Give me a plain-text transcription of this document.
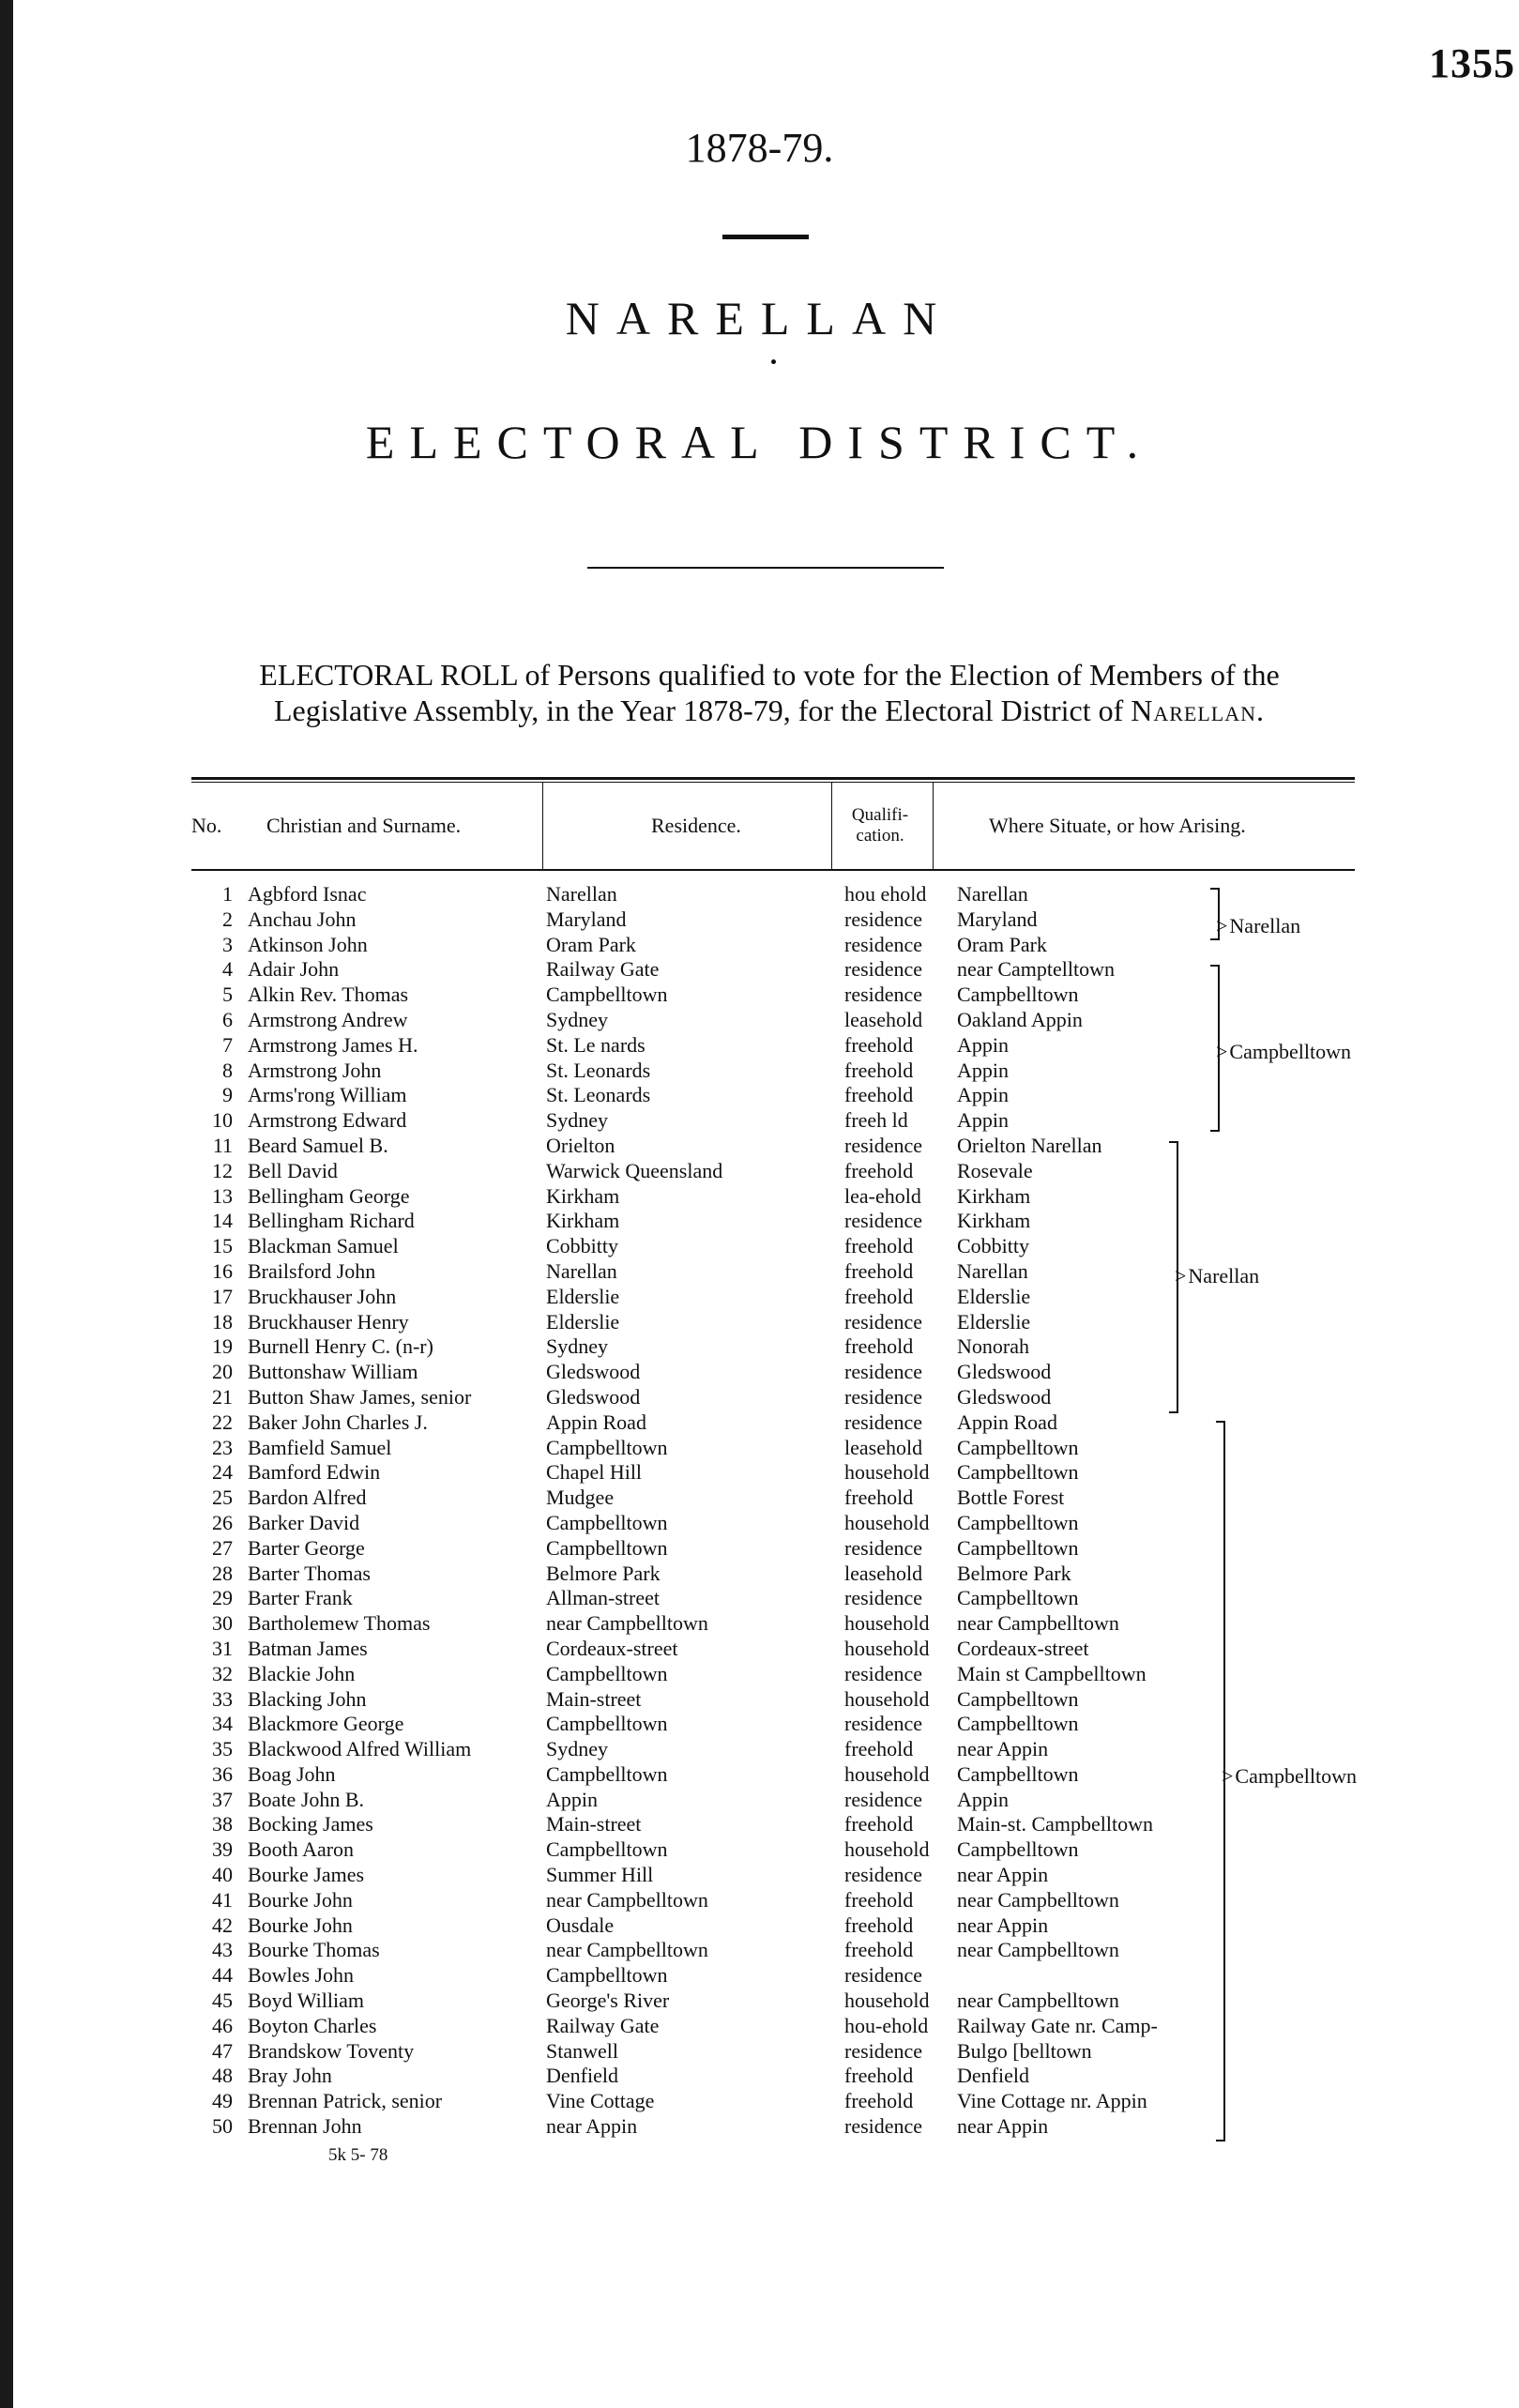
1355
1878-79.
NARELLAN
ELECTORAL DISTRICT.
ELECTORAL ROLL of Persons qualified to vote for the Election of Members of the
Legislative Assembly, in the Year 1878-79, for the Electoral District of Narellan.
No. Christian and Surname.	Residence.	Qualifi-cation.	Where Situate, or how Arising.
1 Agbford Isnac	Narellan	hou ehold Narellan
2 Anchau John	Maryland	residence Maryland
3 Atkinson John	Oram Park	residence Oram Park
4 Adair John	Railway Gate	residence near Camptelltown
5 Alkin Rev. Thomas	Campbelltown	residence Campbelltown
6 Armstrong Andrew	Sydney	leasehold Oakland Appin
7 Armstrong James H.	St. Le nards	freehold Appin
8 Armstrong John	St. Leonards	freehold Appin
9 Arms'rong William	St. Leonards	freehold Appin
10 Armstrong Edward	Sydney	freeh ld Appin
11 Beard Samuel B.	Orielton	residence Orielton Narellan
12 Bell David	Warwick Queensland	freehold Rosevale
13 Bellingham George	Kirkham	lea-ehold Kirkham
14 Bellingham Richard	Kirkham	residence Kirkham
15 Blackman Samuel	Cobbitty	freehold Cobbitty
16 Brailsford John	Narellan	freehold Narellan
17 Bruckhauser John	Elderslie	freehold Elderslie
18 Bruckhauser Henry	Elderslie	residence Elderslie
19 Burnell Henry C. (n-r)	Sydney	freehold Nonorah
20 Buttonshaw William	Gledswood	residence Gledswood
21 Button Shaw James, senior	Gledswood	residence Gledswood
22 Baker John Charles J.	Appin Road	residence Appin Road
23 Bamfield Samuel	Campbelltown	leasehold Campbelltown
24 Bamford Edwin	Chapel Hill	household Campbelltown
25 Bardon Alfred	Mudgee	freehold Bottle Forest
26 Barker David	Campbelltown	household Campbelltown
27 Barter George	Campbelltown	residence Campbelltown
28 Barter Thomas	Belmore Park	leasehold Belmore Park
29 Barter Frank	Allman-street	residence Campbelltown
30 Bartholemew Thomas	near Campbelltown	household near Campbelltown
31 Batman James	Cordeaux-street	household Cordeaux-street
32 Blackie John	Campbelltown	residence Main st Campbelltown
33 Blacking John	Main-street	household Campbelltown
34 Blackmore George	Campbelltown	residence Campbelltown
35 Blackwood Alfred William	Sydney	freehold near Appin
36 Boag John	Campbelltown	household Campbelltown
37 Boate John B.	Appin	residence Appin
38 Bocking James	Main-street	freehold Main-st. Campbelltown
39 Booth Aaron	Campbelltown	household Campbelltown
40 Bourke James	Summer Hill	residence near Appin
41 Bourke John	near Campbelltown	freehold near Campbelltown
42 Bourke John	Ousdale	freehold near Appin
43 Bourke Thomas	near Campbelltown	freehold near Campbelltown
44 Bowles John	Campbelltown	residence
45 Boyd William	George's River	household near Campbelltown
46 Boyton Charles	Railway Gate	hou-ehold Railway Gate nr. Camp-
47 Brandskow Toventy	Stanwell	residence Bulgo [belltown
48 Bray John	Denfield	freehold Denfield
49 Brennan Patrick, senior	Vine Cottage	freehold Vine Cottage nr. Appin
50 Brennan John	near Appin	residence near Appin
> Narellan
> Campbelltown
> Narellan
> Campbelltown
5k 5- 78
